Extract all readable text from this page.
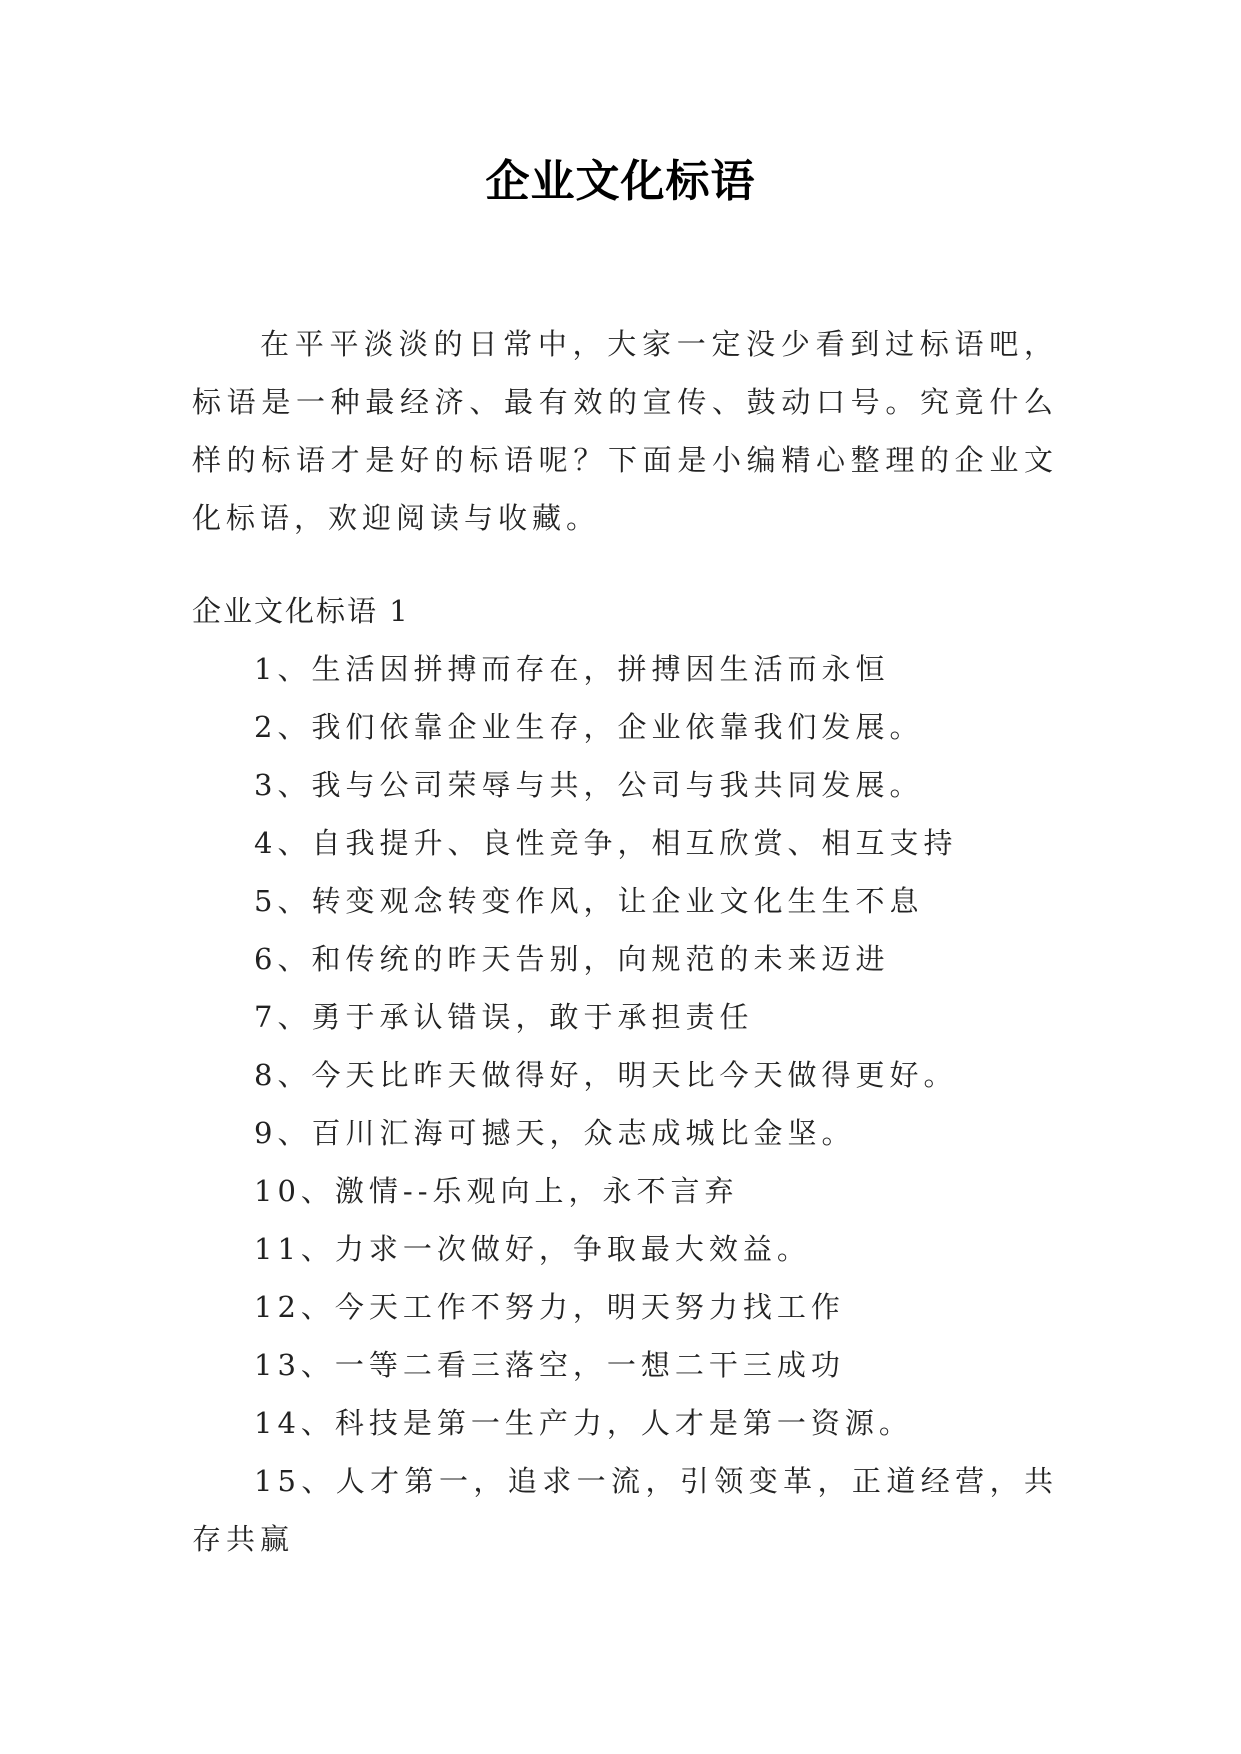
企业文化标语

在平平淡淡的日常中，大家一定没少看到过标语吧，标语是一种最经济、最有效的宣传、鼓动口号。究竟什么样的标语才是好的标语呢？下面是小编精心整理的企业文化标语，欢迎阅读与收藏。

企业文化标语 1
1、生活因拼搏而存在，拼搏因生活而永恒
2、我们依靠企业生存，企业依靠我们发展。
3、我与公司荣辱与共，公司与我共同发展。
4、自我提升、良性竞争，相互欣赏、相互支持
5、转变观念转变作风，让企业文化生生不息
6、和传统的昨天告别，向规范的未来迈进
7、勇于承认错误，敢于承担责任
8、今天比昨天做得好，明天比今天做得更好。
9、百川汇海可撼天，众志成城比金坚。
10、激情--乐观向上，永不言弃
11、力求一次做好，争取最大效益。
12、今天工作不努力，明天努力找工作
13、一等二看三落空，一想二干三成功
14、科技是第一生产力，人才是第一资源。
15、人才第一，追求一流，引领变革，正道经营，共存共赢
